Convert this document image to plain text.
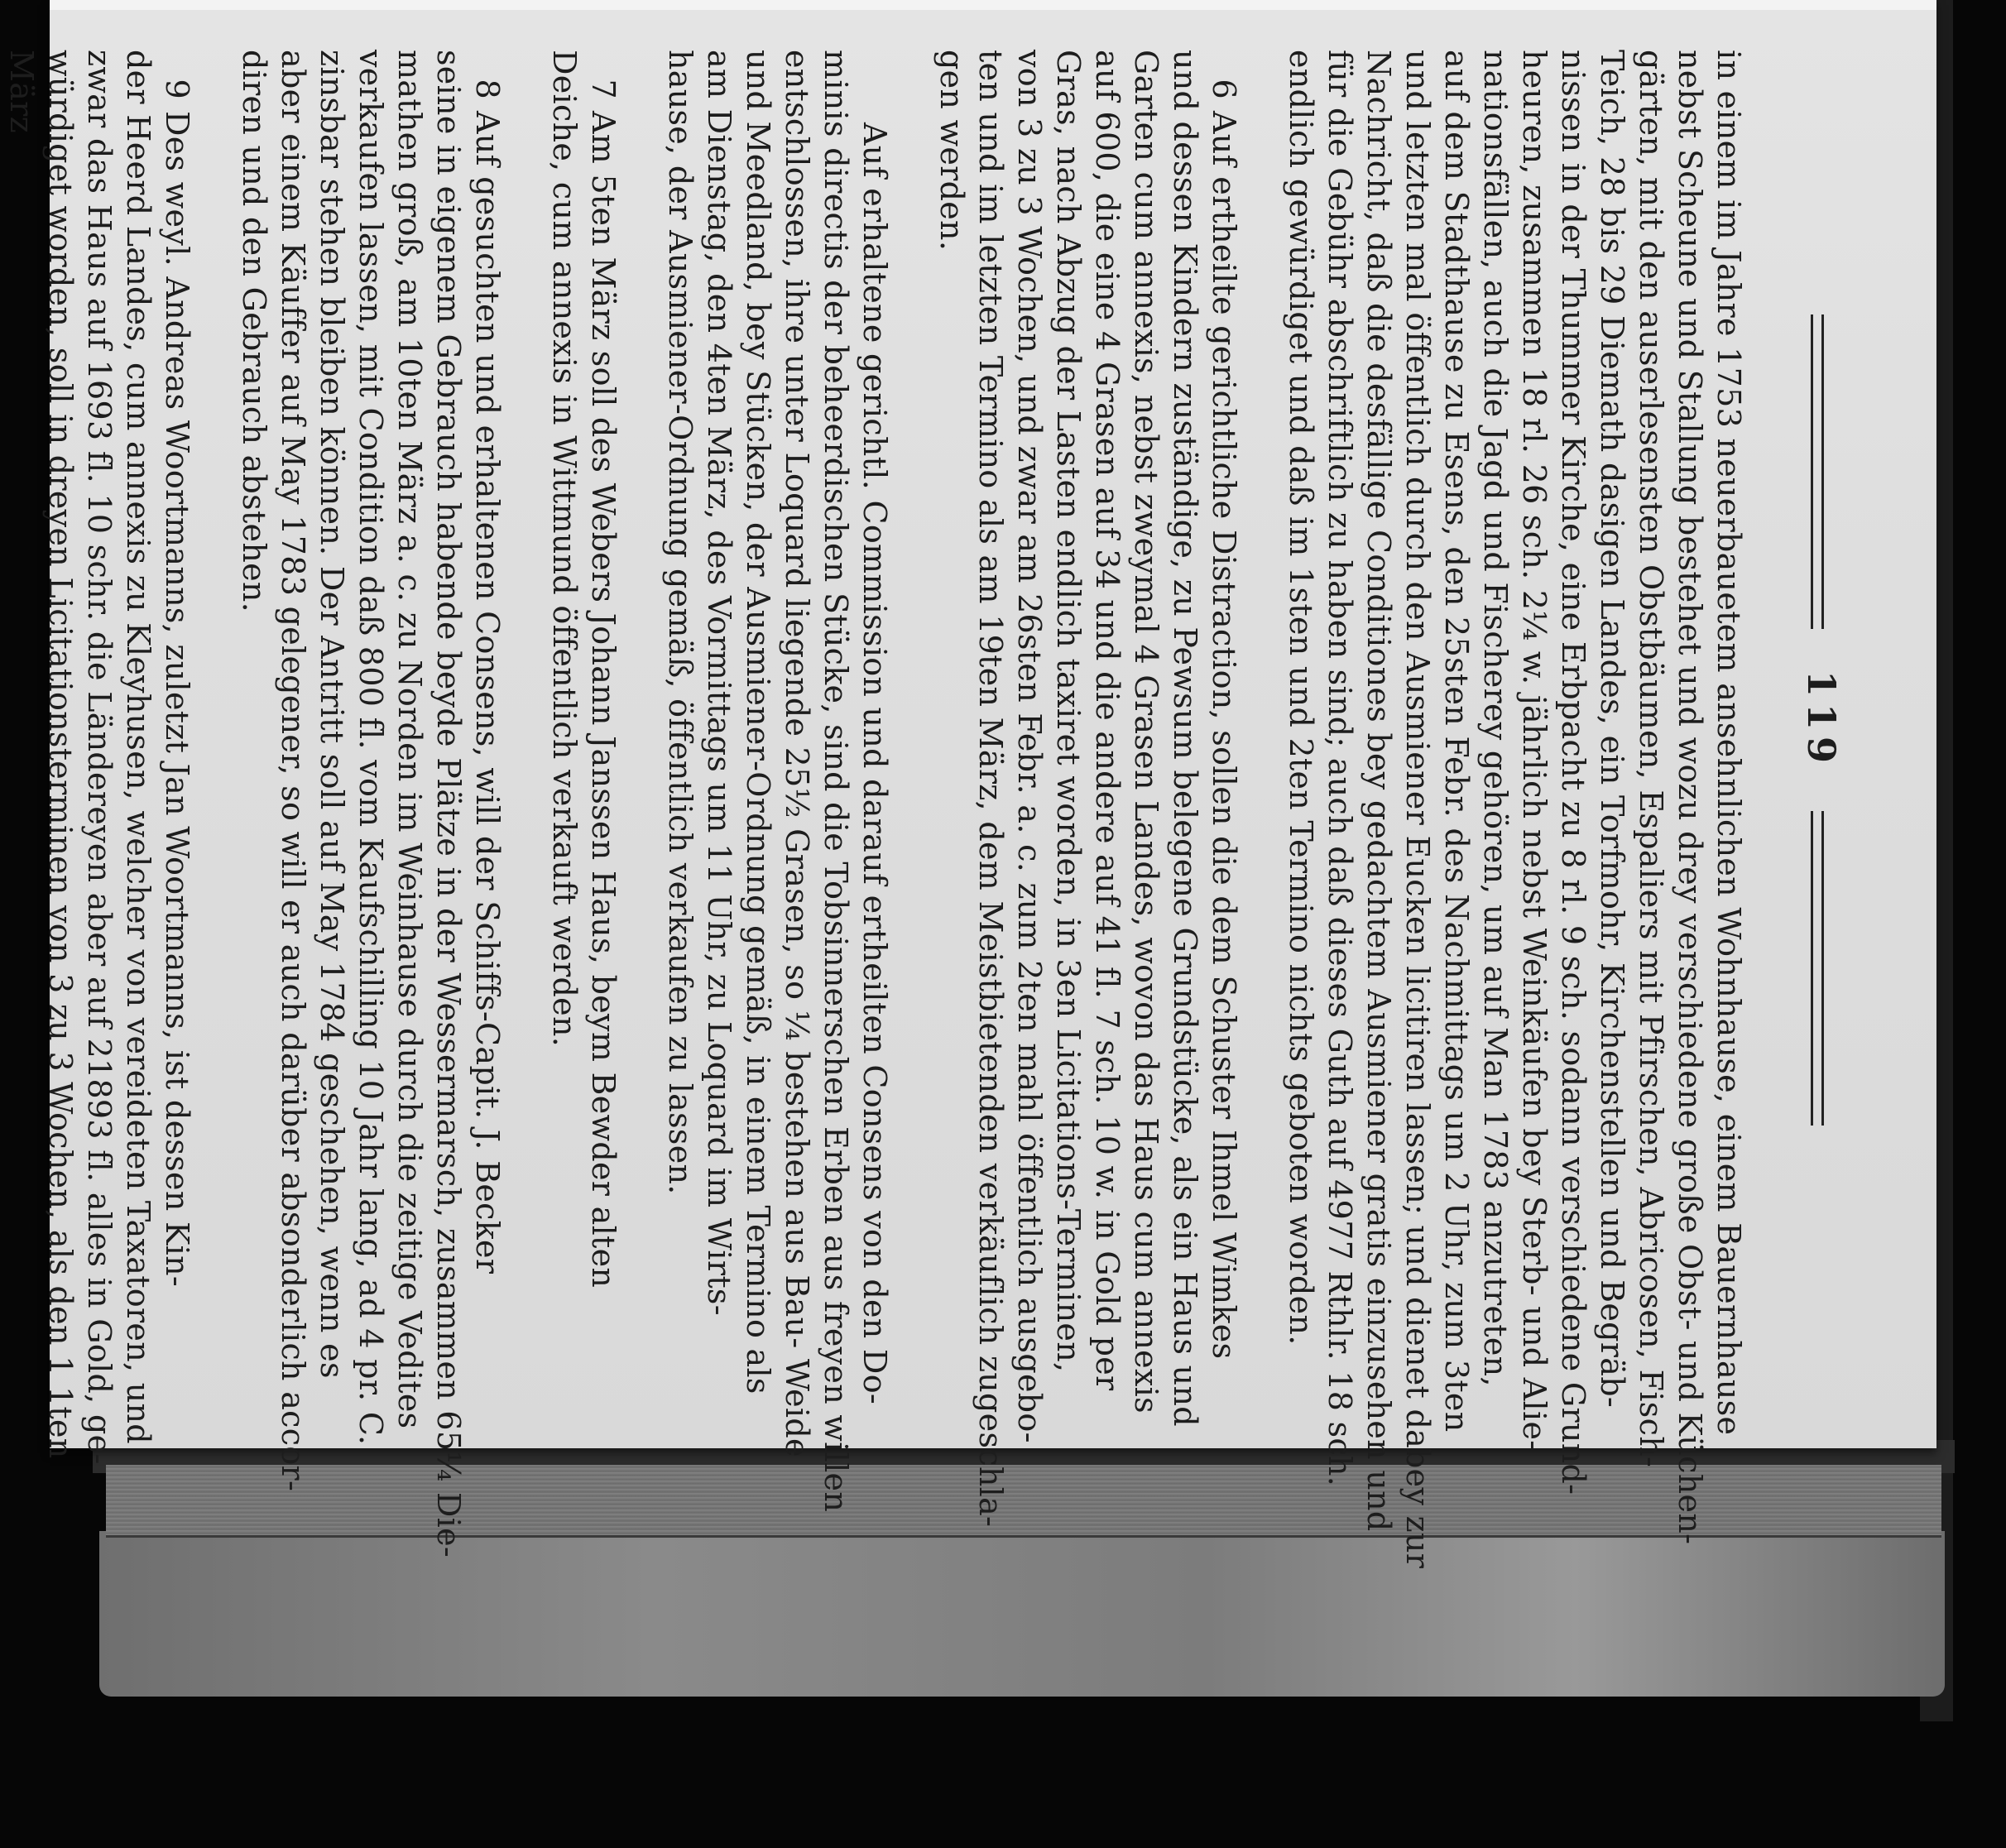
119
in einem im Jahre 1753 neuerbauetem ansehnlichen Wohnhause, einem Bauernhause
nebst Scheune und Stallung bestehet und wozu drey verschiedene große Obst- und Küchen-
gärten, mit den auserlesensten Obstbäumen, Espaliers mit Pfirschen, Abricosen, Fisch-
Teich, 28 bis 29 Diemath dasigen Landes, ein Torfmohr, Kirchenstellen und Begräb-
nissen in der Thummer Kirche, eine Erbpacht zu 8 rl. 9 sch. sodann verschiedene Grund-
heuren, zusammen 18 rl. 26 sch. 2¼ w. jährlich nebst Weinkäufen bey Sterb- und Alie-
nationsfällen, auch die Jagd und Fischerey gehören, um auf Man 1783 anzutreten,
auf dem Stadthause zu Esens, den 25sten Febr. des Nachmittags um 2 Uhr, zum 3ten
und letzten mal öffentlich durch den Ausmiener Eucken licitiren lassen; und dienet dabey zur
Nachricht, daß die desfällige Conditiones bey gedachtem Ausmiener gratis einzusehen und
für die Gebühr abschriftlich zu haben sind; auch daß dieses Guth auf 4977 Rthlr. 18 sch.
endlich gewürdiget und daß im 1sten und 2ten Termino nichts geboten worden.
6Auf ertheilte gerichtliche Distraction, sollen die dem Schuster Ihmel Wimkes
und dessen Kindern zuständige, zu Pewsum belegene Grundstücke, als ein Haus und
Garten cum annexis, nebst zweymal 4 Grasen Landes, wovon das Haus cum annexis
auf 600, die eine 4 Grasen auf 34 und die andere auf 41 fl. 7 sch. 10 w. in Gold per
Gras, nach Abzug der Lasten endlich taxiret worden, in 3en Licitations-Terminen,
von 3 zu 3 Wochen, und zwar am 26sten Febr. a. c. zum 2ten mahl öffentlich ausgebo-
ten und im letzten Termino als am 19ten März, dem Meistbietenden verkäuflich zugeschla-
gen werden.
Auf erhaltene gerichtl. Commission und darauf ertheilten Consens von den Do-
minis directis der beheerdischen Stücke, sind die Tobsinnerschen Erben aus freyen willen
entschlossen, ihre unter Loquard liegende 25½ Grasen, so ¼ bestehen aus Bau- Weide
und Meedland, bey Stücken, der Ausmiener-Ordnung gemäß, in einem Termino als
am Dienstag, den 4ten März, des Vormittags um 11 Uhr, zu Loquard im Wirts-
hause, der Ausmiener-Ordnung gemäß, öffentlich verkaufen zu lassen.
7Am 5ten März soll des Webers Johann Janssen Haus, beym Bewder alten
Deiche, cum annexis in Wittmund öffentlich verkauft werden.
8Auf gesuchten und erhaltenen Consens, will der Schiffs-Capit. J. Becker
seine in eigenem Gebrauch habende beyde Plätze in der Wessermarsch, zusammen 65¼ Die-
mathen groß, am 10ten März a. c. zu Norden im Weinhause durch die zeitige Vedites
verkaufen lassen, mit Condition daß 800 fl. vom Kaufschilling 10 Jahr lang, ad 4 pr. C.
zinsbar stehen bleiben können. Der Antritt soll auf May 1784 geschehen, wenn es
aber einem Käuffer auf May 1783 gelegener, so will er auch darüber absonderlich accor-
diren und den Gebrauch abstehen.
9Des weyl. Andreas Woortmanns, zuletzt Jan Woortmanns, ist dessen Kin-
der Heerd Landes, cum annexis zu Kleyhusen, welcher von vereideten Taxatoren, und
zwar das Haus auf 1693 fl. 10 schr. die Ländereyen aber auf 21893 fl. alles in Gold, ge-
würdiget worden, soll in dreyen Licitationsterminen von 3 zu 3 Wochen, als den 1 1ten
März
